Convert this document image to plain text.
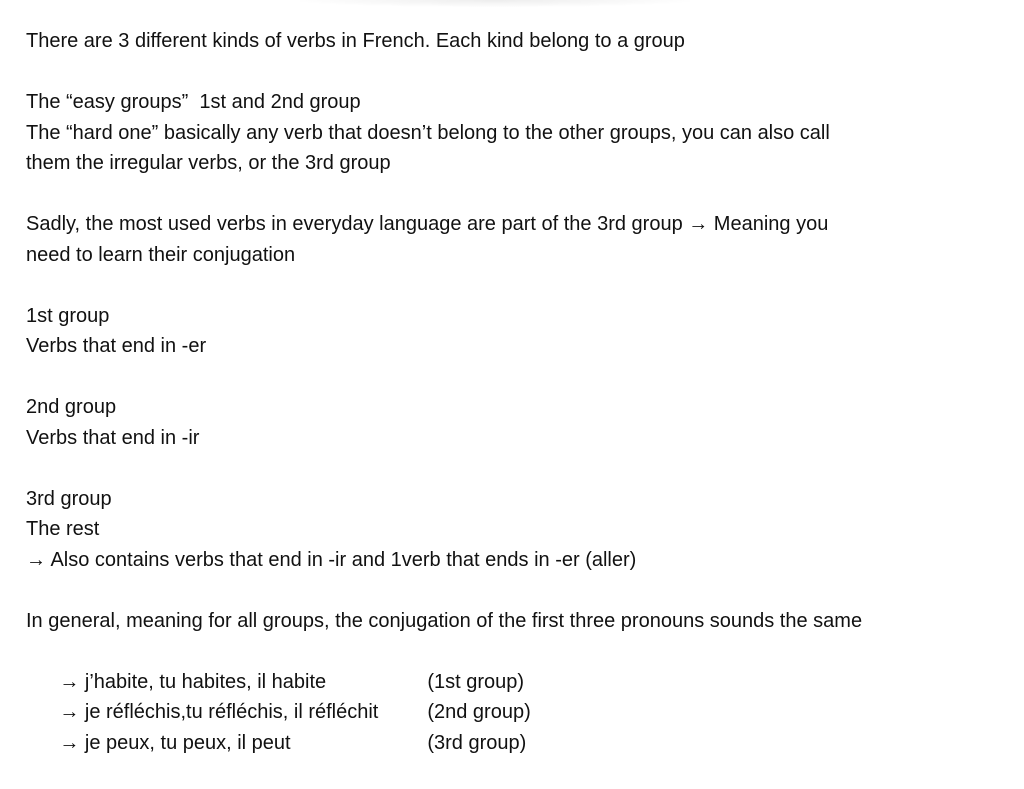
There are 3 different kinds of verbs in French. Each kind belong to a group
The “easy groups”  1st and 2nd group
The “hard one” basically any verb that doesn’t belong to the other groups, you can also call
them the irregular verbs, or the 3rd group
Sadly, the most used verbs in everyday language are part of the 3rd group → Meaning you
need to learn their conjugation
1st group
Verbs that end in -er
2nd group
Verbs that end in -ir
3rd group
The rest
→ Also contains verbs that end in -ir and 1verb that ends in -er (aller)
In general, meaning for all groups, the conjugation of the first three pronouns sounds the same

→ j’habite, tu habites, il habite	(1st group)

→ je réfléchis,tu réfléchis, il réfléchit (2nd group)

→ je peux, tu peux, il peut	(3rd group)
